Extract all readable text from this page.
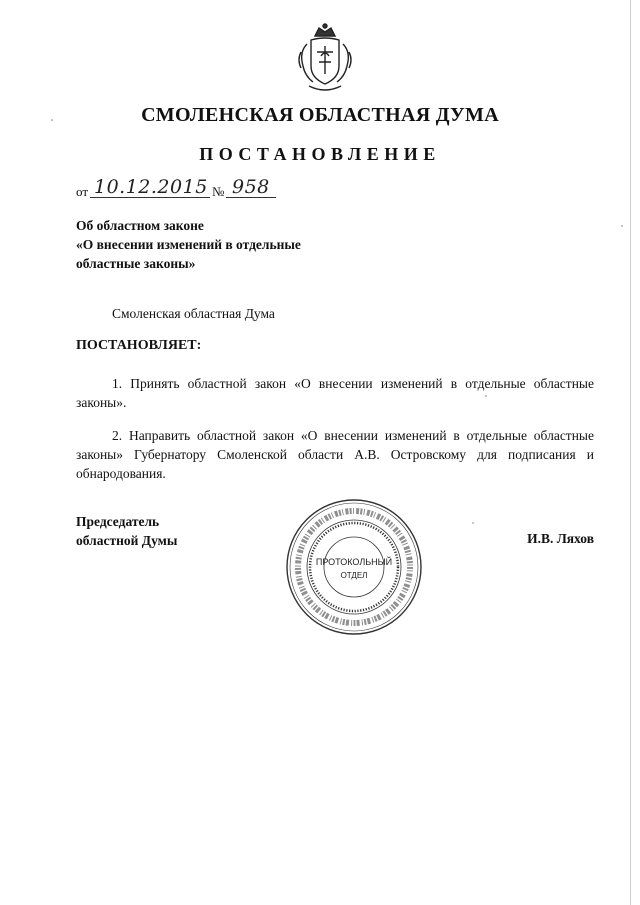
СМОЛЕНСКАЯ ОБЛАСТНАЯ ДУМА
ПОСТАНОВЛЕНИЕ
от 10.12.2015 № 958
Об областном законе
«О внесении изменений в отдельные
областные законы»
Смоленская областная Дума
ПОСТАНОВЛЯЕТ:
1. Принять областной закон «О внесении изменений в отдельные областные законы».
2. Направить областной закон «О внесении изменений в отдельные областные законы» Губернатору Смоленской области А.В. Островскому для подписания и обнародования.
Председатель
областной Думы	И.В. Ляхов
ПРОТОКОЛЬНЫЙ
ОТДЕЛ
